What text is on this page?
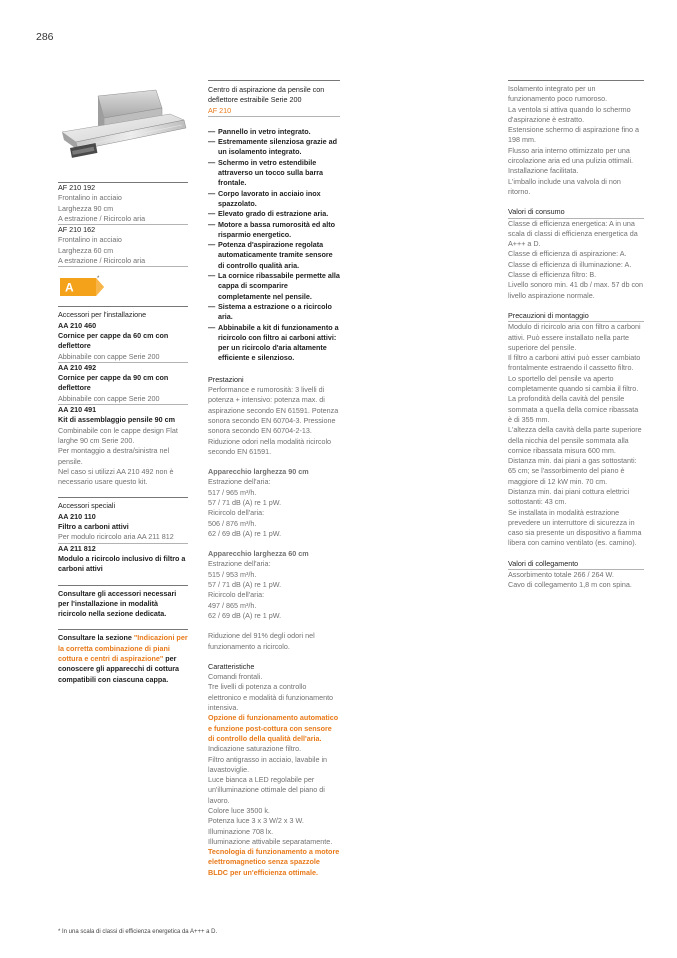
286
A
*

AF 210 192

Frontalino in acciaio

Larghezza 90 cm

A estrazione / Ricircolo aria

AF 210 162

Frontalino in acciaio

Larghezza 60 cm

A estrazione / Ricircolo aria

Accessori per l'installazione

AA 210 460

Cornice per cappe da 60 cm con deflettore

Abbinabile con cappe Serie 200

AA 210 492

Cornice per cappe da 90 cm con deflettore

Abbinabile con cappe Serie 200

AA 210 491

Kit di assemblaggio pensile 90 cm

Combinabile con le cappe design Flat larghe 90 cm Serie 200.
Per montaggio a destra/sinistra nel pensile.
Nel caso si utilizzi AA 210 492 non è necessario usare questo kit.

Accessori speciali

AA 210 110

Filtro a carboni attivi

Per modulo ricircolo aria AA 211 812

AA 211 812

Modulo a ricircolo inclusivo di filtro a carboni attivi

Consultare gli accessori necessari per l'installazione in modalità ricircolo nella sezione dedicata.

Consultare la sezione "Indicazioni per la corretta combinazione di piani cottura e centri di aspirazione" per conoscere gli apparecchi di cottura compatibili con ciascuna cappa.

Centro di aspirazione da pensile con deflettore estraibile Serie 200

AF 210

— Pannello in vetro integrato.
— Estremamente silenziosa grazie ad un isolamento integrato.
— Schermo in vetro estendibile attraverso un tocco sulla barra frontale.
— Corpo lavorato in acciaio inox spazzolato.
— Elevato grado di estrazione aria.
— Motore a bassa rumorosità ed alto risparmio energetico.
— Potenza d'aspirazione regolata automaticamente tramite sensore di controllo qualità aria.
— La cornice ribassabile permette alla cappa di scomparire completamente nel pensile.
— Sistema a estrazione o a ricircolo aria.
— Abbinabile a kit di funzionamento a ricircolo con filtro ai carboni attivi: per un ricircolo d'aria altamente efficiente e silenzioso.

Prestazioni

Performance e rumorosità: 3 livelli di potenza + intensivo: potenza max. di aspirazione secondo EN 61591. Potenza sonora secondo EN 60704-3. Pressione sonora secondo EN 60704-2-13. Riduzione odori nella modalità ricircolo secondo EN 61591.

Apparecchio larghezza 90 cm

Estrazione dell'aria:
517 / 965 m³/h.
57 / 71 dB (A) re 1 pW.
Ricircolo dell'aria:
506 / 876 m³/h.
62 / 69 dB (A) re 1 pW.

Apparecchio larghezza 60 cm

Estrazione dell'aria:
515 / 953 m³/h.
57 / 71 dB (A) re 1 pW.
Ricircolo dell'aria:
497 / 865 m³/h.
62 / 69 dB (A) re 1 pW.

Riduzione del 91% degli odori nel funzionamento a ricircolo.

Caratteristiche

Comandi frontali.
Tre livelli di potenza a controllo elettronico e modalità di funzionamento intensiva.

Opzione di funzionamento automatico e funzione post-cottura con sensore di controllo della qualità dell'aria.

Indicazione saturazione filtro.
Filtro antigrasso in acciaio, lavabile in lavastoviglie.
Luce bianca a LED regolabile per un'illuminazione ottimale del piano di lavoro.
Colore luce 3500 k.
Potenza luce 3 x 3 W/2 x 3 W.
Illuminazione 708 lx.
Illuminazione attivabile separatamente.

Tecnologia di funzionamento a motore elettromagnetico senza spazzole BLDC per un'efficienza ottimale.

Isolamento integrato per un funzionamento poco rumoroso.
La ventola si attiva quando lo schermo d'aspirazione è estratto.
Estensione schermo di aspirazione fino a 198 mm.
Flusso aria interno ottimizzato per una circolazione aria ed una pulizia ottimali.
Installazione facilitata.
L'imballo include una valvola di non ritorno.

Valori di consumo

Classe di efficienza energetica: A in una scala di classi di efficienza energetica da A+++ a D.
Classe di efficienza di aspirazione: A.
Classe di efficienza di illuminazione: A.
Classe di efficienza filtro: B.
Livello sonoro min. 41 db / max. 57 db con livello aspirazione normale.

Precauzioni di montaggio

Modulo di ricircolo aria con filtro a carboni attivi. Può essere installato nella parte superiore del pensile.
Il filtro a carboni attivi può esser cambiato frontalmente estraendo il cassetto filtro.
Lo sportello del pensile va aperto completamente quando si cambia il filtro.
La profondità della cavità del pensile sommata a quella della cornice ribassata è di 355 mm.
L'altezza della cavità della parte superiore della nicchia del pensile sommata alla cornice ribassata misura 600 mm.
Distanza min. dai piani a gas sottostanti: 65 cm; se l'assorbimento del piano è maggiore di 12 kW min. 70 cm.
Distanza min. dai piani cottura elettrici sottostanti: 43 cm.
Se installata in modalità estrazione prevedere un interruttore di sicurezza in caso sia presente un dispositivo a fiamma libera con camino ventilato (es. camino).

Valori di collegamento

Assorbimento totale 266 / 264 W.
Cavo di collegamento 1,8 m con spina.

* In una scala di classi di efficienza energetica da A+++ a D.
